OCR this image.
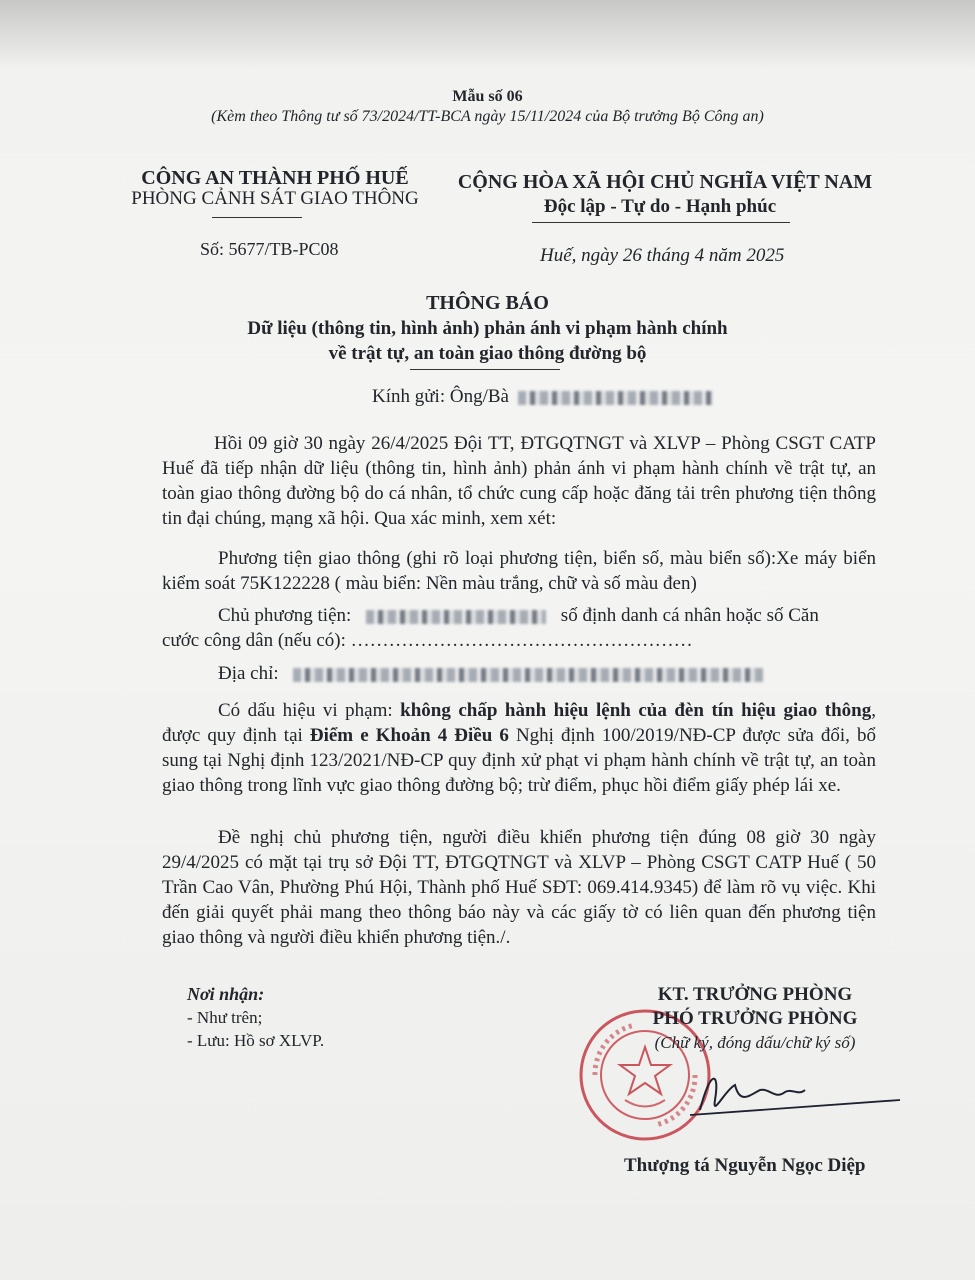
Mẫu số 06
(Kèm theo Thông tư số 73/2024/TT-BCA ngày 15/11/2024 của Bộ trưởng Bộ Công an)
CÔNG AN THÀNH PHỐ HUẾ
PHÒNG CẢNH SÁT GIAO THÔNG
Số: 5677/TB-PC08
CỘNG HÒA XÃ HỘI CHỦ NGHĨA VIỆT NAM
Độc lập - Tự do - Hạnh phúc
Huế, ngày 26 tháng 4 năm 2025
THÔNG BÁO
Dữ liệu (thông tin, hình ảnh) phản ánh vi phạm hành chính
về trật tự, an toàn giao thông đường bộ
Kính gửi: Ông/Bà
Hồi 09 giờ 30 ngày 26/4/2025 Đội TT, ĐTGQTNGT và XLVP – Phòng CSGT CATP Huế đã tiếp nhận dữ liệu (thông tin, hình ảnh) phản ánh vi phạm hành chính về trật tự, an toàn giao thông đường bộ do cá nhân, tổ chức cung cấp hoặc đăng tải trên phương tiện thông tin đại chúng, mạng xã hội. Qua xác minh, xem xét:
Phương tiện giao thông (ghi rõ loại phương tiện, biển số, màu biển số):Xe máy biển kiểm soát 75K122228 ( màu biển: Nền màu trắng, chữ và số màu đen)
Chủ phương tiện:	số định danh cá nhân hoặc số Căn
cước công dân (nếu có): ………………………………………………
Địa chỉ:
Có dấu hiệu vi phạm: không chấp hành hiệu lệnh của đèn tín hiệu giao thông, được quy định tại Điểm e Khoản 4 Điều 6 Nghị định 100/2019/NĐ-CP được sửa đổi, bổ sung tại Nghị định 123/2021/NĐ-CP quy định xử phạt vi phạm hành chính về trật tự, an toàn giao thông trong lĩnh vực giao thông đường bộ; trừ điểm, phục hồi điểm giấy phép lái xe.
Đề nghị chủ phương tiện, người điều khiển phương tiện đúng 08 giờ 30 ngày 29/4/2025 có mặt tại trụ sở Đội TT, ĐTGQTNGT và XLVP – Phòng CSGT CATP Huế ( 50 Trần Cao Vân, Phường Phú Hội, Thành phố Huế SĐT: 069.414.9345) để làm rõ vụ việc. Khi đến giải quyết phải mang theo thông báo này và các giấy tờ có liên quan đến phương tiện giao thông và người điều khiển phương tiện./.
Nơi nhận:
- Như trên;
- Lưu: Hồ sơ XLVP.
KT. TRƯỞNG PHÒNG
PHÓ TRƯỞNG PHÒNG
(Chữ ký, đóng dấu/chữ ký số)
Thượng tá Nguyễn Ngọc Diệp
